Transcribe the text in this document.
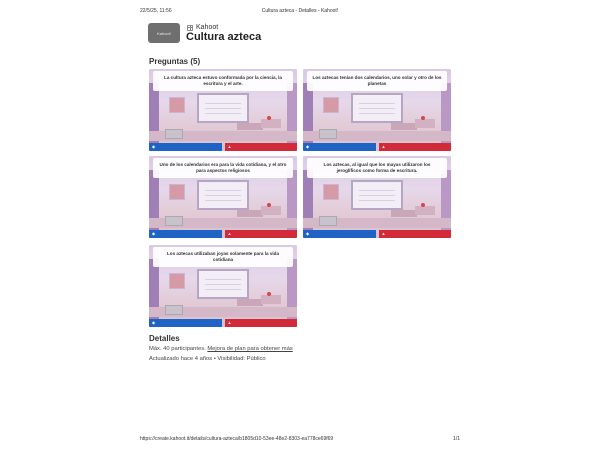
22/5/25, 11:56	Cultura azteca - Detalles - Kahoot!
Kahoot!
Kahoot
Cultura azteca
Preguntas (5)
La cultura azteca estuvo conformada por la ciencia, la escritura y el arte.
◆	▲
Los aztecas tenían dos calendarios, uno solar y otro de los planetas
◆	▲
Uno de los calendarios era para la vida cotidiana, y el otro para aspectos religiosos
◆	▲
Los aztecas, al igual que los mayas utilizaron los jeroglíficos como forma de escritura.
◆	▲
Los aztecas utilizaban joyas solamente para la vida cotidiana
◆	▲
Detalles

Máx. 40 participantes. Mejora de plan para obtener más

Actualizado hace 4 años • Visibilidad: Público

https://create.kahoot.it/details/cultura-azteca/b1805d10-53ee-48e2-8303-ea778ce69f69	1/1
